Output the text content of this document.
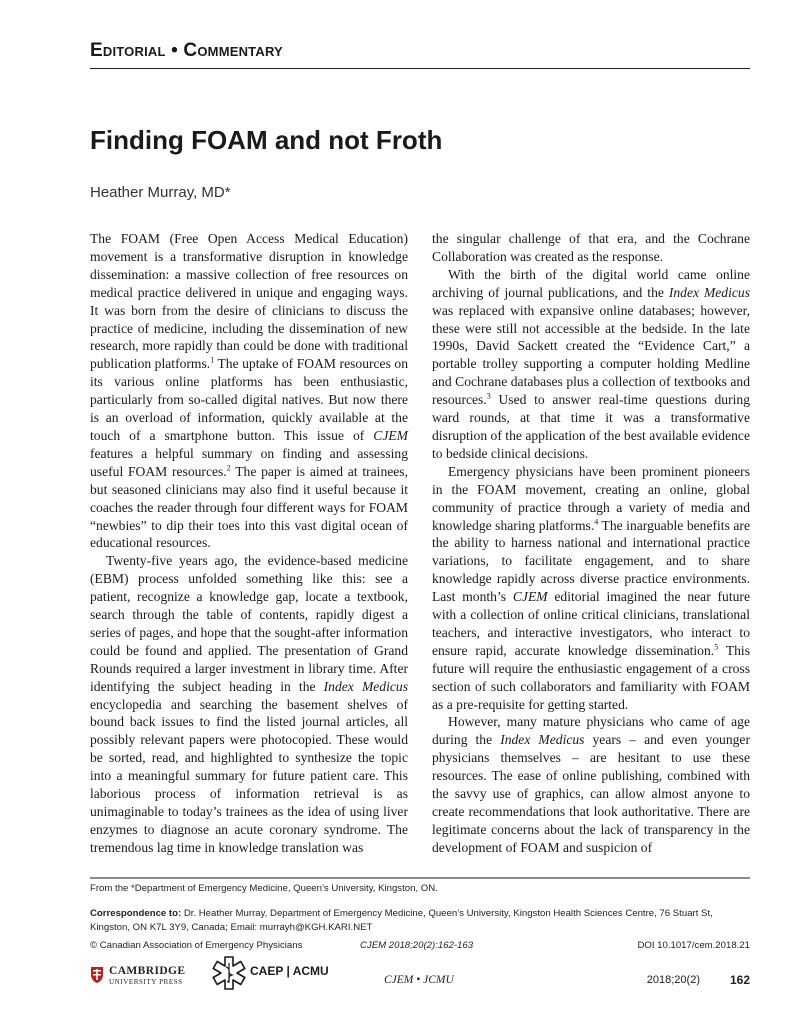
Editorial • Commentary
Finding FOAM and not Froth
Heather Murray, MD*

The FOAM (Free Open Access Medical Education) movement is a transformative disruption in knowledge dissemination: a massive collection of free resources on medical practice delivered in unique and engaging ways. It was born from the desire of clinicians to discuss the practice of medicine, including the dissemination of new research, more rapidly than could be done with traditional publication platforms.$^1$ The uptake of FOAM resources on its various online platforms has been enthusiastic, particularly from so-called digital natives. But now there is an overload of information, quickly available at the touch of a smartphone button. This issue of CJEM features a helpful summary on finding and assessing useful FOAM resources.$^2$ The paper is aimed at trainees, but seasoned clinicians may also find it useful because it coaches the reader through four different ways for FOAM “newbies” to dip their toes into this vast digital ocean of educational resources.

Twenty-five years ago, the evidence-based medicine (EBM) process unfolded something like this: see a patient, recognize a knowledge gap, locate a textbook, search through the table of contents, rapidly digest a series of pages, and hope that the sought-after information could be found and applied. The presentation of Grand Rounds required a larger investment in library time. After identifying the subject heading in the Index Medicus encyclopedia and searching the basement shelves of bound back issues to find the listed journal articles, all possibly relevant papers were photocopied. These would be sorted, read, and highlighted to synthesize the topic into a meaningful summary for future patient care. This laborious process of information retrieval is as unimaginable to today’s trainees as the idea of using liver enzymes to diagnose an acute coronary syndrome. The tremendous lag time in knowledge translation was

the singular challenge of that era, and the Cochrane Collaboration was created as the response.

With the birth of the digital world came online archiving of journal publications, and the Index Medicus was replaced with expansive online databases; however, these were still not accessible at the bedside. In the late 1990s, David Sackett created the “Evidence Cart,” a portable trolley supporting a computer holding Medline and Cochrane databases plus a collection of textbooks and resources.$^3$ Used to answer real-time questions during ward rounds, at that time it was a transformative disruption of the application of the best available evidence to bedside clinical decisions.

Emergency physicians have been prominent pioneers in the FOAM movement, creating an online, global community of practice through a variety of media and knowledge sharing platforms.$^4$ The inarguable benefits are the ability to harness national and international practice variations, to facilitate engagement, and to share knowledge rapidly across diverse practice environments. Last month’s CJEM editorial imagined the near future with a collection of online critical clinicians, translational teachers, and interactive investigators, who interact to ensure rapid, accurate knowledge dissemination.$^5$ This future will require the enthusiastic engagement of a cross section of such collaborators and familiarity with FOAM as a pre-requisite for getting started.

However, many mature physicians who came of age during the Index Medicus years – and even younger physicians themselves – are hesitant to use these resources. The ease of online publishing, combined with the savvy use of graphics, can allow almost anyone to create recommendations that look authoritative. There are legitimate concerns about the lack of transparency in the development of FOAM and suspicion of

From the *Department of Emergency Medicine, Queen’s University, Kingston, ON.
Correspondence to: Dr. Heather Murray, Department of Emergency Medicine, Queen’s University, Kingston Health Sciences Centre, 76 Stuart St, Kingston, ON K7L 3Y9, Canada; Email: murrayh@KGH.KARI.NET
© Canadian Association of Emergency Physicians	CJEM 2018;20(2):162-163	DOI 10.1017/cem.2018.21
CAMBRIDGE
UNIVERSITY PRESS
CAEP | ACMU
CJEM • JCMU	2018;20(2) 162
